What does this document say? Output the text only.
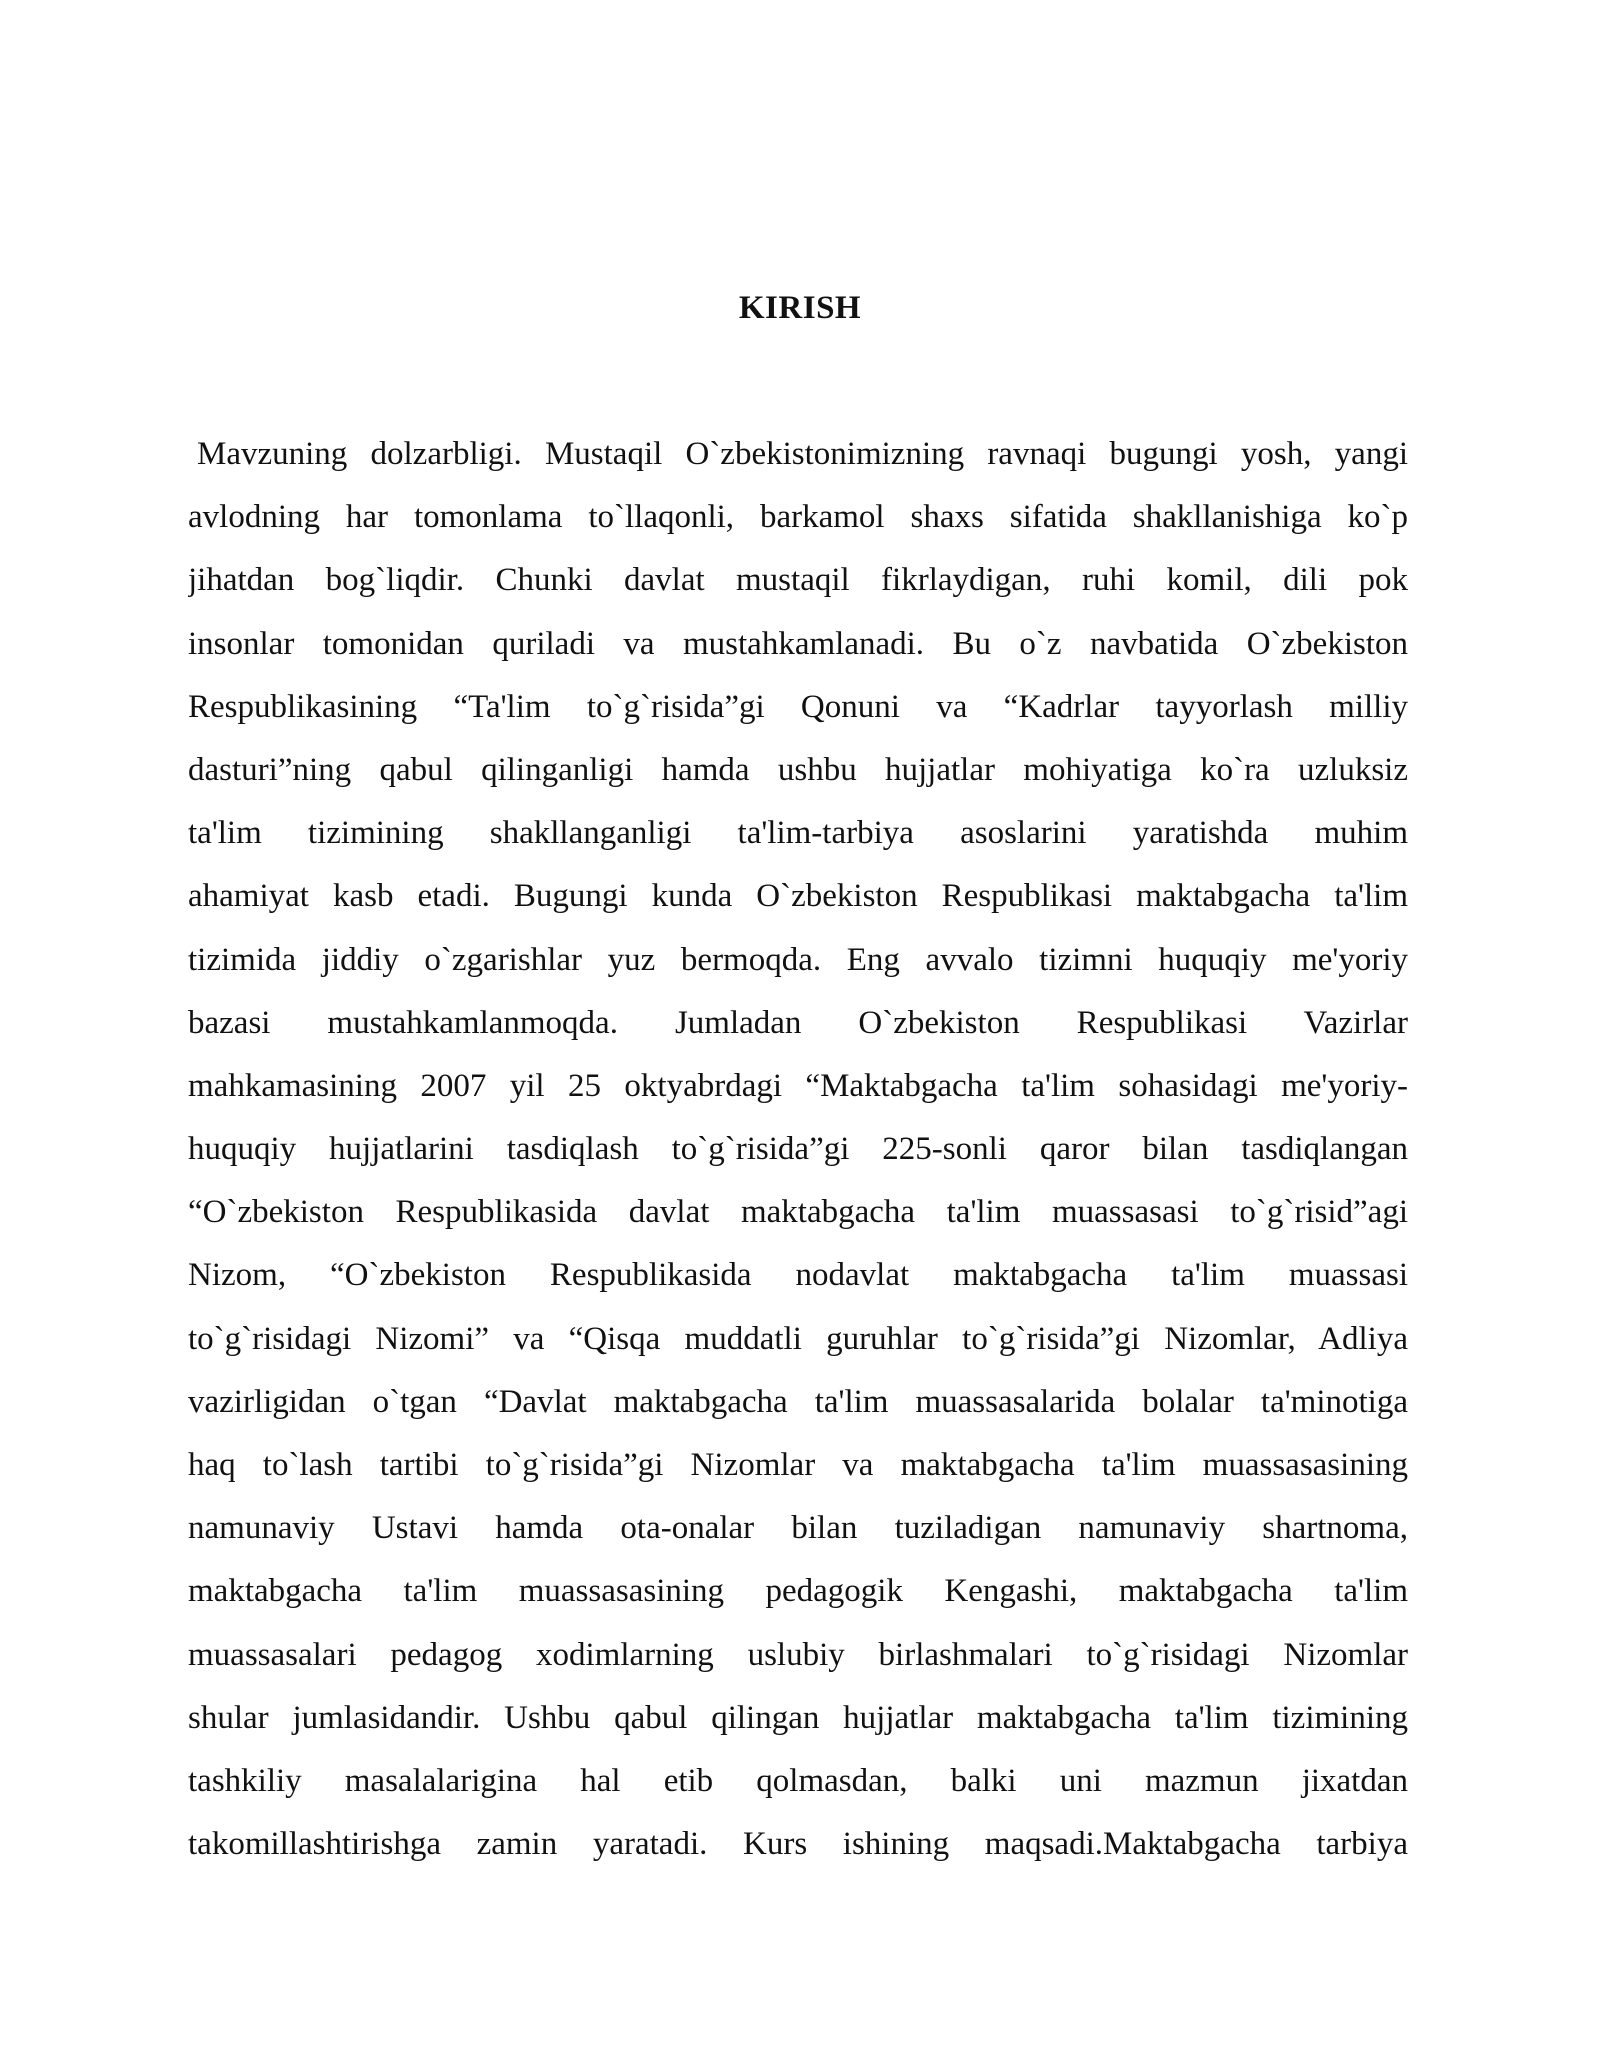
KIRISH
Mavzuning dolzarbligi. Mustaqil O`zbekistonimizning ravnaqi bugungi yosh, yangi
avlodning har tomonlama to`llaqonli, barkamol shaxs sifatida shakllanishiga ko`p
jihatdan bog`liqdir. Chunki davlat mustaqil fikrlaydigan, ruhi komil, dili pok
insonlar tomonidan quriladi va mustahkamlanadi. Bu o`z navbatida O`zbekiston
Respublikasining “Ta'lim to`g`risida”gi Qonuni va “Kadrlar tayyorlash milliy
dasturi”ning qabul qilinganligi hamda ushbu hujjatlar mohiyatiga ko`ra uzluksiz
ta'lim tizimining shakllanganligi ta'lim-tarbiya asoslarini yaratishda muhim
ahamiyat kasb etadi. Bugungi kunda O`zbekiston Respublikasi maktabgacha ta'lim
tizimida jiddiy o`zgarishlar yuz bermoqda. Eng avvalo tizimni huquqiy me'yoriy
bazasi mustahkamlanmoqda. Jumladan O`zbekiston Respublikasi Vazirlar
mahkamasining 2007 yil 25 oktyabrdagi “Maktabgacha ta'lim sohasidagi me'yoriy-
huquqiy hujjatlarini tasdiqlash to`g`risida”gi 225-sonli qaror bilan tasdiqlangan
“O`zbekiston Respublikasida davlat maktabgacha ta'lim muassasasi to`g`risid”agi
Nizom, “O`zbekiston Respublikasida nodavlat maktabgacha ta'lim muassasi
to`g`risidagi Nizomi” va “Qisqa muddatli guruhlar to`g`risida”gi Nizomlar, Adliya
vazirligidan o`tgan “Davlat maktabgacha ta'lim muassasalarida bolalar ta'minotiga
haq to`lash tartibi to`g`risida”gi Nizomlar va maktabgacha ta'lim muassasasining
namunaviy Ustavi hamda ota-onalar bilan tuziladigan namunaviy shartnoma,
maktabgacha ta'lim muassasasining pedagogik Kengashi, maktabgacha ta'lim
muassasalari pedagog xodimlarning uslubiy birlashmalari to`g`risidagi Nizomlar
shular jumlasidandir. Ushbu qabul qilingan hujjatlar maktabgacha ta'lim tizimining
tashkiliy masalalarigina hal etib qolmasdan, balki uni mazmun jixatdan
takomillashtirishga zamin yaratadi. Kurs ishining maqsadi.Maktabgacha tarbiya
